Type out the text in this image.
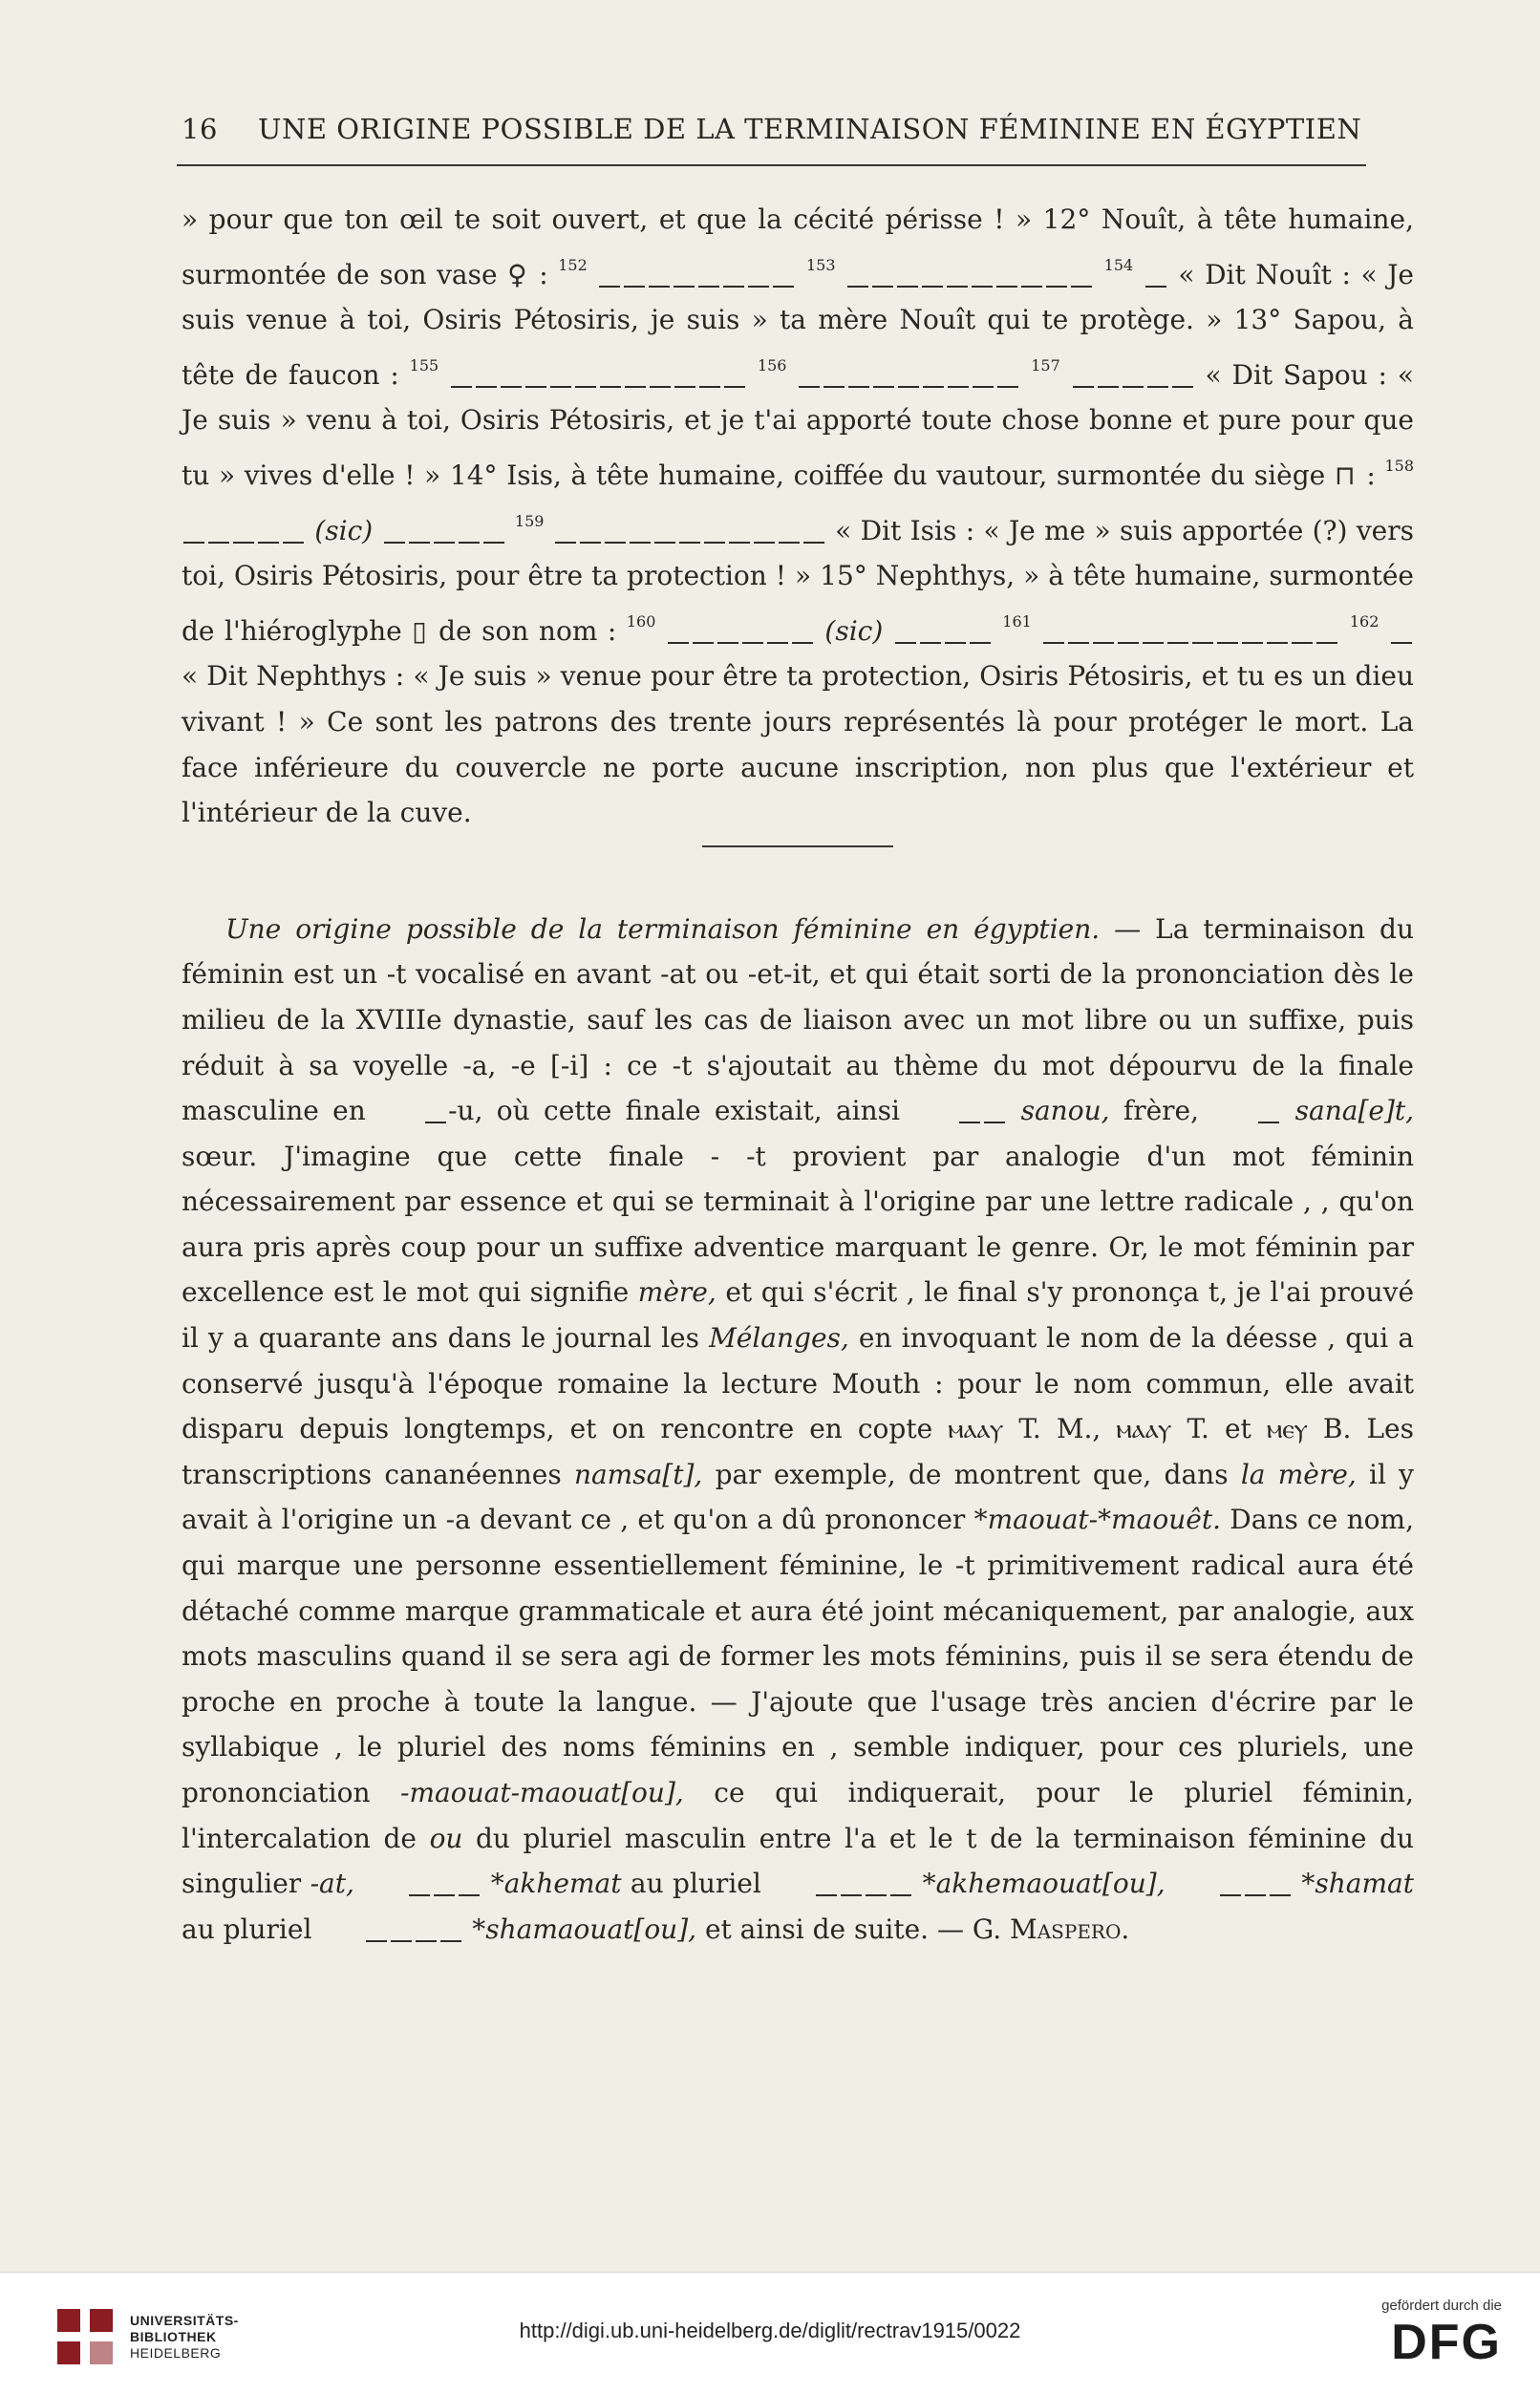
16	UNE ORIGINE POSSIBLE DE LA TERMINAISON FÉMININE EN ÉGYPTIEN

» pour que ton œil te soit ouvert, et que la cécité périsse ! » 12° Nouît, à tête humaine, surmontée de son vase ♀ : $^{152}$	$^{153}$	$^{154}$ « Dit Nouît : « Je suis venue à toi, Osiris Pétosiris, je suis » ta mère Nouît qui te protège. » 13° Sapou, à tête de faucon : $^{155}$	$^{156}$	$^{157}$	« Dit Sapou : « Je suis » venu à toi, Osiris Pétosiris, et je t'ai apporté toute chose bonne et pure pour que tu » vives d'elle ! » 14° Isis, à tête humaine, coiffée du vautour, surmontée du siège ⊓ : $^{158}$  (sic)	$^{159}$	« Dit Isis : « Je me » suis apportée (?) vers toi, Osiris Pétosiris, pour être ta protection ! » 15° Nephthys, » à tête humaine, surmontée de l'hiéroglyphe ▯ de son nom : $^{160}$	(sic)	$^{161}$	$^{162}$  « Dit Nephthys : « Je suis » venue pour être ta protection, Osiris Pétosiris, et tu es un dieu vivant ! » Ce sont les patrons des trente jours représentés là pour protéger le mort. La face inférieure du couvercle ne porte aucune inscription, non plus que l'extérieur et l'intérieur de la cuve.

Une origine possible de la terminaison féminine en égyptien. — La terminaison du féminin est un -t vocalisé en avant -at ou -et-it, et qui était sorti de la prononciation dès le milieu de la XVIIIe dynastie, sauf les cas de liaison avec un mot libre ou un suffixe, puis réduit à sa voyelle -a, -e [-i] : ce -t s'ajoutait au thème du mot dépourvu de la finale masculine en	-u, où cette finale existait, ainsi	sanou, frère,	sana[e]t, sœur. J'imagine que cette finale - -t provient par analogie d'un mot féminin nécessairement par essence et qui se terminait à l'origine par une lettre radicale , , qu'on aura pris après coup pour un suffixe adventice marquant le genre. Or, le mot féminin par excellence est le mot qui signifie mère, et qui s'écrit , le final s'y prononça t, je l'ai prouvé il y a quarante ans dans le journal les Mélanges, en invoquant le nom de la déesse , qui a conservé jusqu'à l'époque romaine la lecture Mouth : pour le nom commun, elle avait disparu depuis longtemps, et on rencontre en copte ⲙⲁⲁⲩ T. M., ⲙⲁⲁⲩ T. et ⲙⲉⲩ B. Les transcriptions cananéennes namsa[t], par exemple, de montrent que, dans la mère, il y avait à l'origine un -a devant ce , et qu'on a dû prononcer *maouat-*maouêt. Dans ce nom, qui marque une personne essentiellement féminine, le -t primitivement radical aura été détaché comme marque grammaticale et aura été joint mécaniquement, par analogie, aux mots masculins quand il se sera agi de former les mots féminins, puis il se sera étendu de proche en proche à toute la langue. — J'ajoute que l'usage très ancien d'écrire par le syllabique , le pluriel des noms féminins en , semble indiquer, pour ces pluriels, une prononciation -maouat-maouat[ou], ce qui indiquerait, pour le pluriel féminin, l'intercalation de ou du pluriel masculin entre l'a et le t de la terminaison féminine du singulier -at,	*akhemat au pluriel	*akhemaouat[ou],	*shamat au pluriel	*shamaouat[ou], et ainsi de suite. — G. Maspero.

UNIVERSITÄTS-
BIBLIOTHEK
HEIDELBERG
http://digi.ub.uni-heidelberg.de/diglit/rectrav1915/0022
gefördert durch die
DFG
